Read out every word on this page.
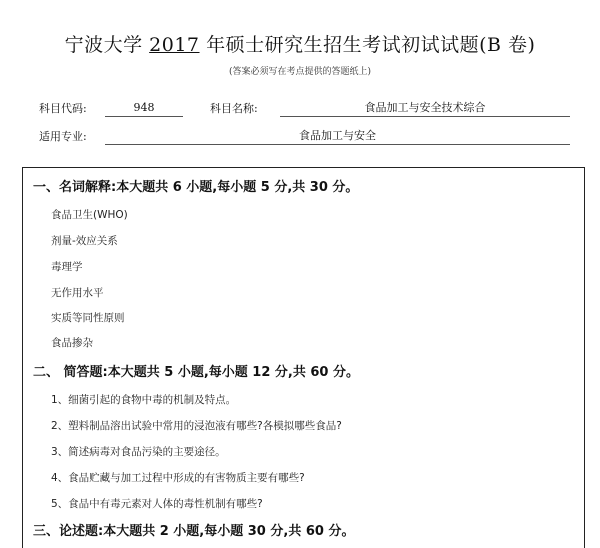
宁波大学 2017 年硕士研究生招生考试初试试题(B 卷)
(答案必须写在考点提供的答题纸上)
科目代码:	948	科目名称:	食品加工与安全技术综合
适用专业:	食品加工与安全
一、名词解释:本大题共 6 小题,每小题 5 分,共 30 分。
食品卫生(WHO)
剂量-效应关系
毒理学
无作用水平
实质等同性原则
食品掺杂
二、 简答题:本大题共 5 小题,每小题 12 分,共 60 分。
1、细菌引起的食物中毒的机制及特点。
2、塑料制品溶出试验中常用的浸泡液有哪些?各模拟哪些食品?
3、简述病毒对食品污染的主要途径。
4、食品贮藏与加工过程中形成的有害物质主要有哪些?
5、食品中有毒元素对人体的毒性机制有哪些?
三、论述题:本大题共 2 小题,每小题 30 分,共 60 分。
